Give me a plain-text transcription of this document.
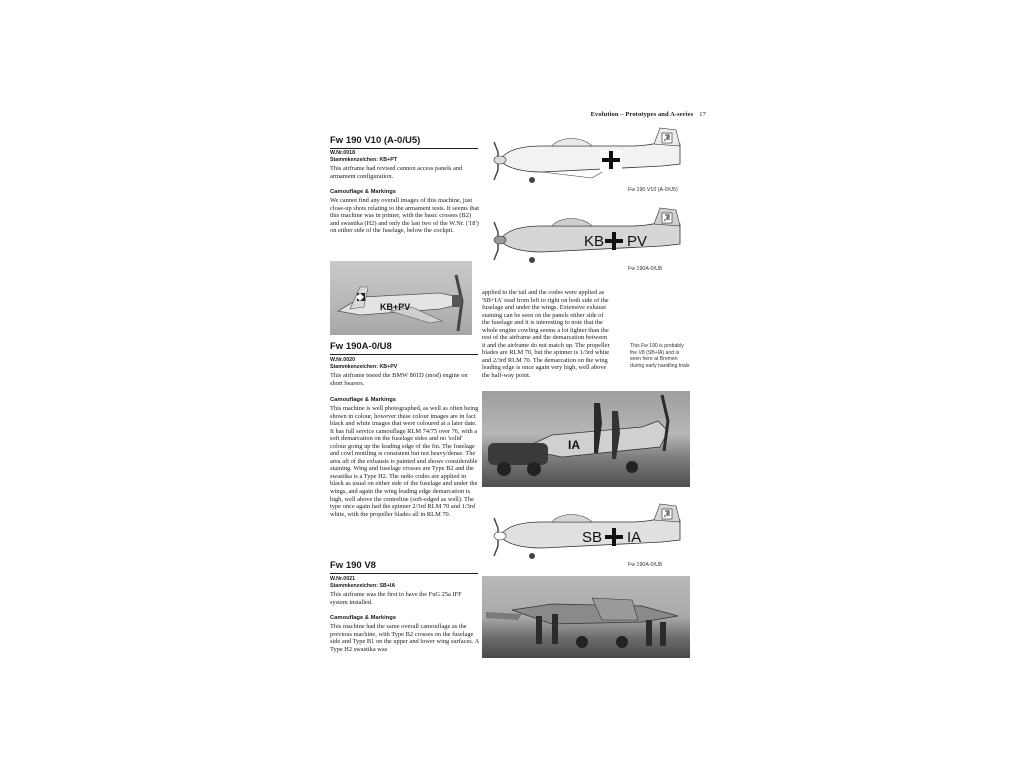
Evolution – Prototypes and A-series 17
Fw 190 V10 (A-0/U5)
W.Nr.0018
Stammkenzeichen: KB+PT

This airframe had revised cannon access panels and armament configuration.

Camouflage & Markings

We cannot find any overall images of this machine, just close-up shots relating to the armament tests. It seems that this machine was in primer, with the basic crosses (B2) and swastika (H2) and only the last two of the W.Nr. ('18') on either side of the fuselage, below the cockpit.

KB+PV
Fw 190A-0/U8
W.Nr.0020
Stammkenzeichen: KB+PV

This airframe tested the BMW 801D (mod) engine on short bearers.

Camouflage & Markings

This machine is well photographed, as well as often being shown in colour, however these colour images are in fact black and white images that were coloured at a later date. It has full service camouflage RLM 74/75 over 76, with a soft demarcation on the fuselage sides and no 'solid' colour going up the leading edge of the fin. The fuselage and cowl mottling is consistent but not heavy/dense. The area aft of the exhausts is painted and shows considerable staining. Wing and fuselage crosses are Type B2 and the swastika is a Type H2. The radio codes are applied in black as usual on either side of the fuselage and under the wings, and again the wing leading edge demarcation is high, well above the centreline (soft-edged as well). The type once again had the spinner 2/3rd RLM 70 and 1/3rd white, with the propeller blades all in RLM 70.

Fw 190 V8
W.Nr.0021
Stammkenzeichen: SB+IA

This airframe was the first to have the FuG 25a IFF system installed.

Camouflage & Markings

This machine had the same overall camouflage as the previous machine, with Type B2 crosses on the fuselage side and Type B1 on the upper and lower wing surfaces. A Type H2 swastika was

Fw 190 V10 (A-0/U5)
KB PV
Fw 190A-0/U8

applied to the tail and the codes were applied as 'SB+IA' read from left to right on both side of the fuselage and under the wings. Extensive exhaust staining can be seen on the panels either side of the fuselage and it is interesting to note that the whole engine cowling seems a lot lighter than the rest of the airframe and the demarcation between it and the airframe do not match up. The propeller blades are RLM 70, but the spinner is 1/3rd white and 2/3rd RLM 70. The demarcation on the wing leading edge is once again very high, well above the half-way point.

This Fw 190 is probably the V8 (SB+IA) and is seen here at Bremen during early handling trials
IA
SB IA
Fw 190A-0/U8
